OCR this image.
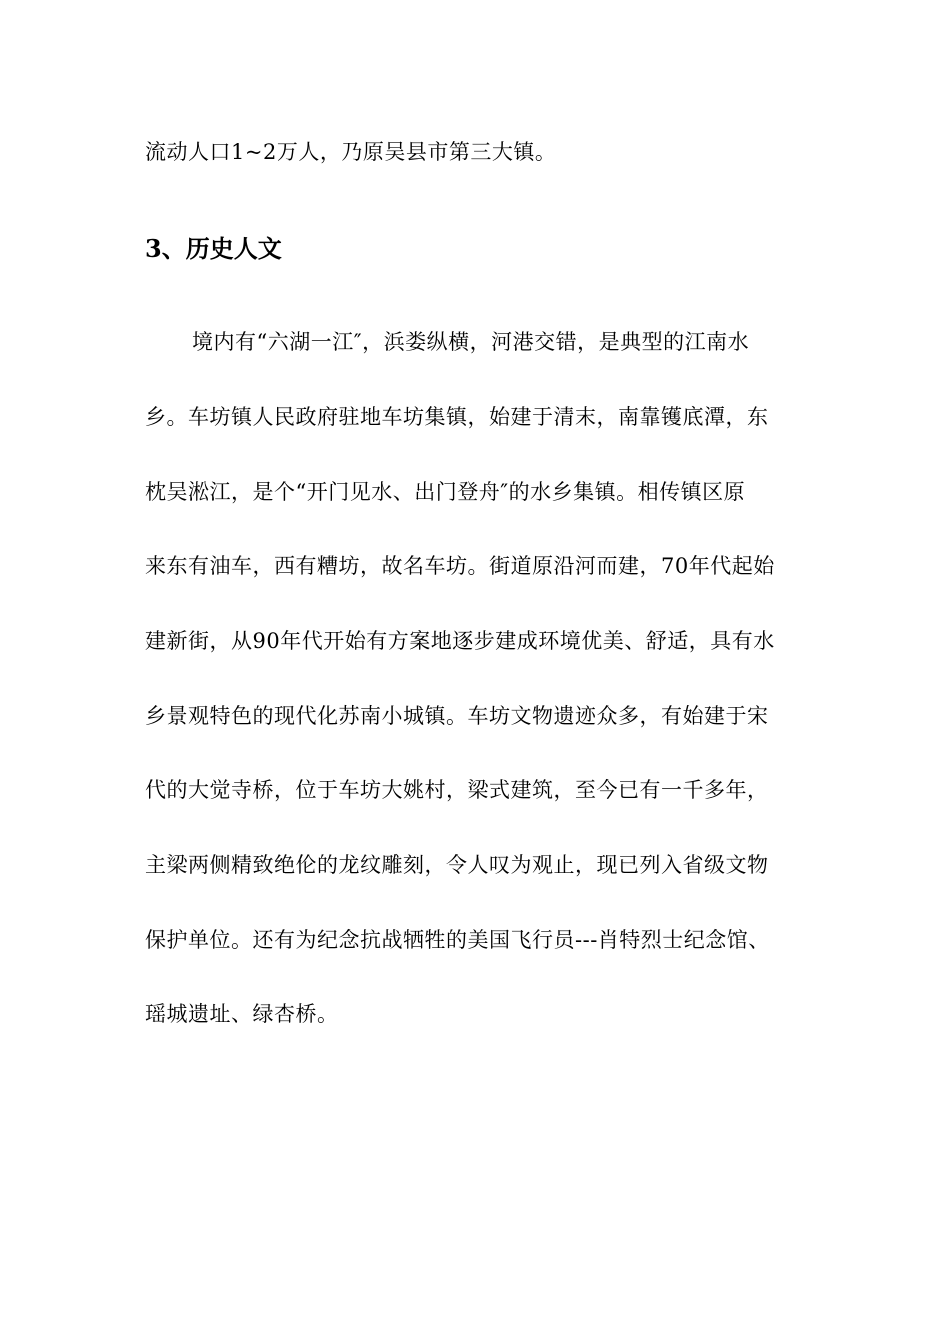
流动人口1~2万人，乃原吴县市第三大镇。
3、历史人文
境内有“六湖一江″，浜娄纵横，河港交错，是典型的江南水
乡。车坊镇人民政府驻地车坊集镇，始建于清末，南靠镬底潭，东
枕吴淞江，是个“开门见水、出门登舟″的水乡集镇。相传镇区原
来东有油车，西有糟坊，故名车坊。街道原沿河而建，70年代起始
建新街，从90年代开始有方案地逐步建成环境优美、舒适，具有水
乡景观特色的现代化苏南小城镇。车坊文物遗迹众多，有始建于宋
代的大觉寺桥，位于车坊大姚村，梁式建筑，至今已有一千多年，
主梁两侧精致绝伦的龙纹雕刻，令人叹为观止，现已列入省级文物
保护单位。还有为纪念抗战牺牲的美国飞行员---肖特烈士纪念馆、
瑶城遗址、绿杏桥。
